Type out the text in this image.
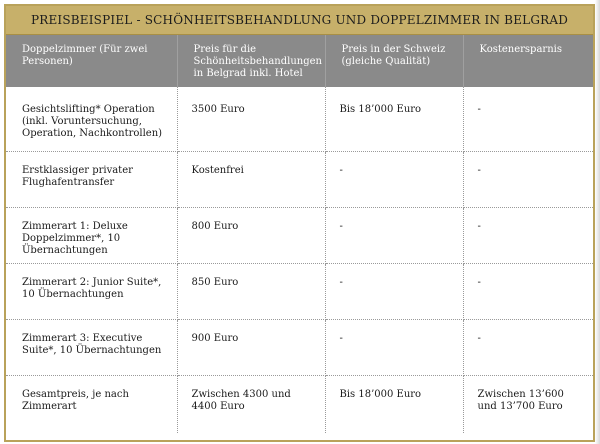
PREISBEISPIEL - SCHÖNHEITSBEHANDLUNG UND DOPPELZIMMER IN BELGRAD
Doppelzimmer (Für zwei Personen)	Preis für die Schönheitsbehandlungen in Belgrad inkl. Hotel	Preis in der Schweiz (gleiche Qualität)	Kostenersparnis
Gesichtslifting* Operation (inkl. Voruntersuchung, Operation, Nachkontrollen)	3500 Euro	Bis 18’000 Euro	-
Erstklassiger privater Flughafentransfer	Kostenfrei	-	-
Zimmerart 1: Deluxe Doppelzimmer*, 10 Übernachtungen	800 Euro	-	-
Zimmerart 2: Junior Suite*, 10 Übernachtungen	850 Euro	-	-
Zimmerart 3: Executive Suite*, 10 Übernachtungen	900 Euro	-	-
Gesamtpreis, je nach Zimmerart	Zwischen 4300 und 4400 Euro	Bis 18’000 Euro	Zwischen 13’600 und 13’700 Euro
